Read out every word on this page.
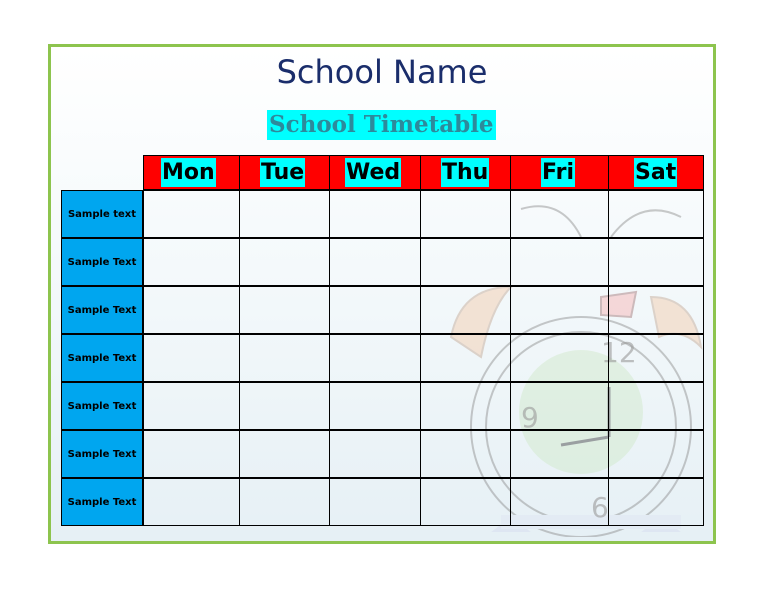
School Name
School Timetable
12
9
6
Mon Tue Wed Thu Fri	Sat
Sample text
Sample Text
Sample Text
Sample Text
Sample Text
Sample Text
Sample Text
